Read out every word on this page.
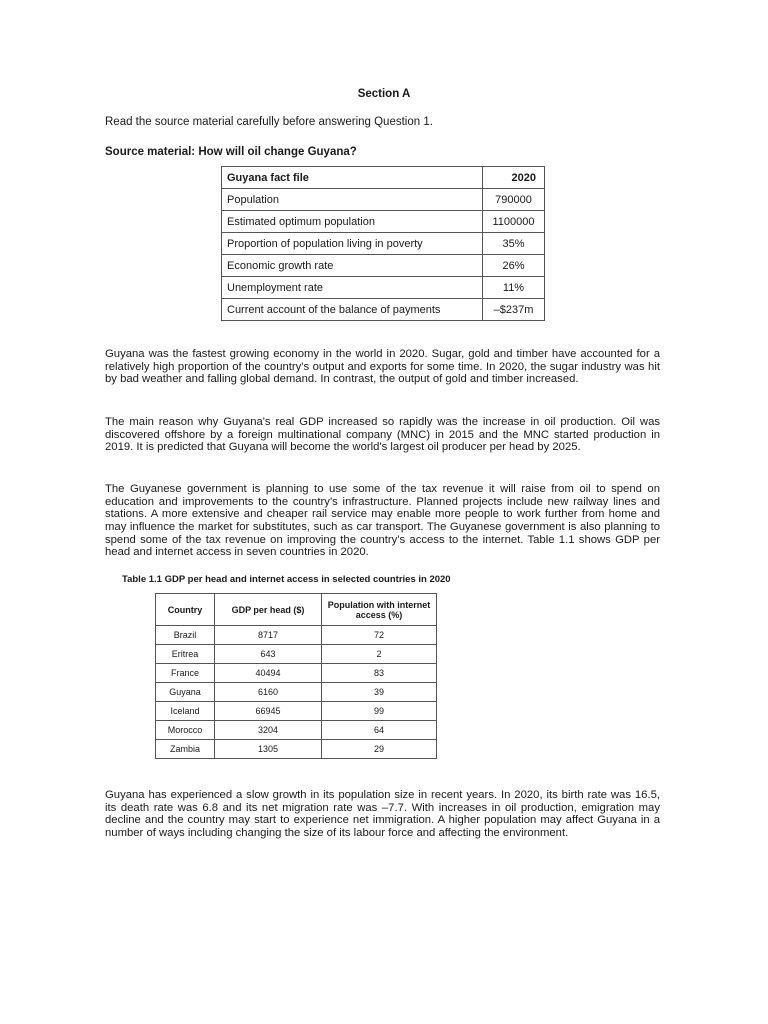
Section A
Read the source material carefully before answering Question 1.
Source material: How will oil change Guyana?
Guyana fact file	2020
Population	790000
Estimated optimum population	1100000
Proportion of population living in poverty	35%
Economic growth rate	26%
Unemployment rate	11%
Current account of the balance of payments	–$237m

Guyana was the fastest growing economy in the world in 2020. Sugar, gold and timber have accounted for a relatively high proportion of the country's output and exports for some time. In 2020, the sugar industry was hit by bad weather and falling global demand. In contrast, the output of gold and timber increased.

The main reason why Guyana's real GDP increased so rapidly was the increase in oil production. Oil was discovered offshore by a foreign multinational company (MNC) in 2015 and the MNC started production in 2019. It is predicted that Guyana will become the world's largest oil producer per head by 2025.

The Guyanese government is planning to use some of the tax revenue it will raise from oil to spend on education and improvements to the country's infrastructure. Planned projects include new railway lines and stations. A more extensive and cheaper rail service may enable more people to work further from home and may influence the market for substitutes, such as car transport. The Guyanese government is also planning to spend some of the tax revenue on improving the country's access to the internet. Table 1.1 shows GDP per head and internet access in seven countries in 2020.

Table 1.1 GDP per head and internet access in selected countries in 2020
Country	GDP per head ($)	Population with internet access (%)
Brazil	8717	72
Eritrea	643	2
France	40494	83
Guyana	6160	39
Iceland	66945	99
Morocco	3204	64
Zambia	1305	29

Guyana has experienced a slow growth in its population size in recent years. In 2020, its birth rate was 16.5, its death rate was 6.8 and its net migration rate was –7.7. With increases in oil production, emigration may decline and the country may start to experience net immigration. A higher population may affect Guyana in a number of ways including changing the size of its labour force and affecting the environment.
